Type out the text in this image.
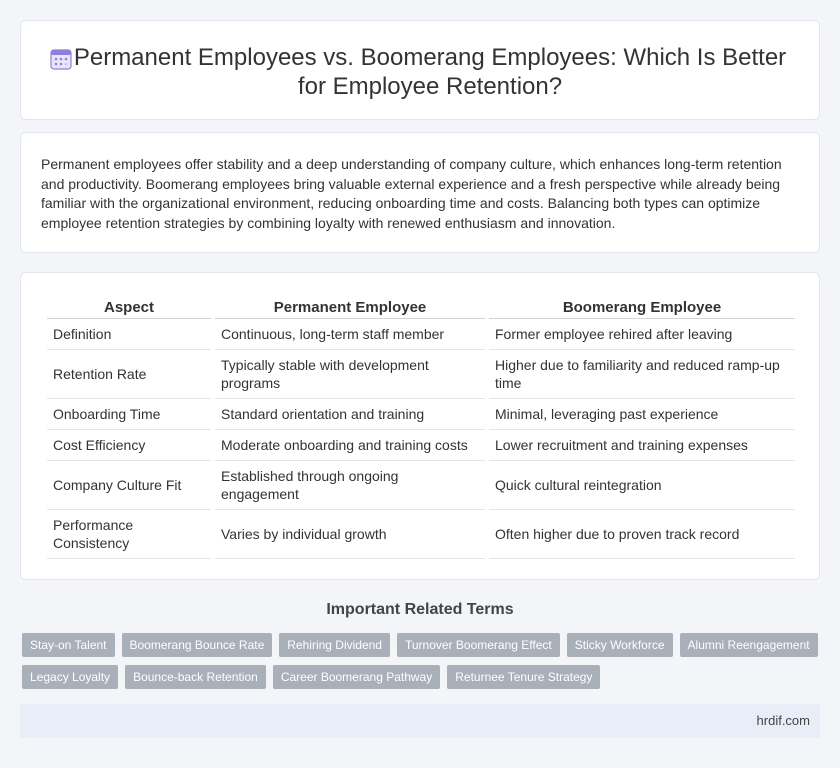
Permanent Employees vs. Boomerang Employees: Which Is Better for Employee Retention?

Permanent employees offer stability and a deep understanding of company culture, which enhances long-term retention and productivity. Boomerang employees bring valuable external experience and a fresh perspective while already being familiar with the organizational environment, reducing onboarding time and costs. Balancing both types can optimize employee retention strategies by combining loyalty with renewed enthusiasm and innovation.

Aspect	Permanent Employee	Boomerang Employee
Definition	Continuous, long-term staff member	Former employee rehired after leaving
Retention Rate	Typically stable with development programs	Higher due to familiarity and reduced ramp-up time
Onboarding Time	Standard orientation and training	Minimal, leveraging past experience
Cost Efficiency	Moderate onboarding and training costs	Lower recruitment and training expenses
Company Culture Fit	Established through ongoing engagement	Quick cultural reintegration
Performance Consistency	Varies by individual growth	Often higher due to proven track record
Important Related Terms
Stay-on Talent	Boomerang Bounce Rate	Rehiring Dividend	Turnover Boomerang Effect	Sticky Workforce	Alumni Reengagement
Legacy Loyalty	Bounce-back Retention	Career Boomerang Pathway	Returnee Tenure Strategy
hrdif.com
